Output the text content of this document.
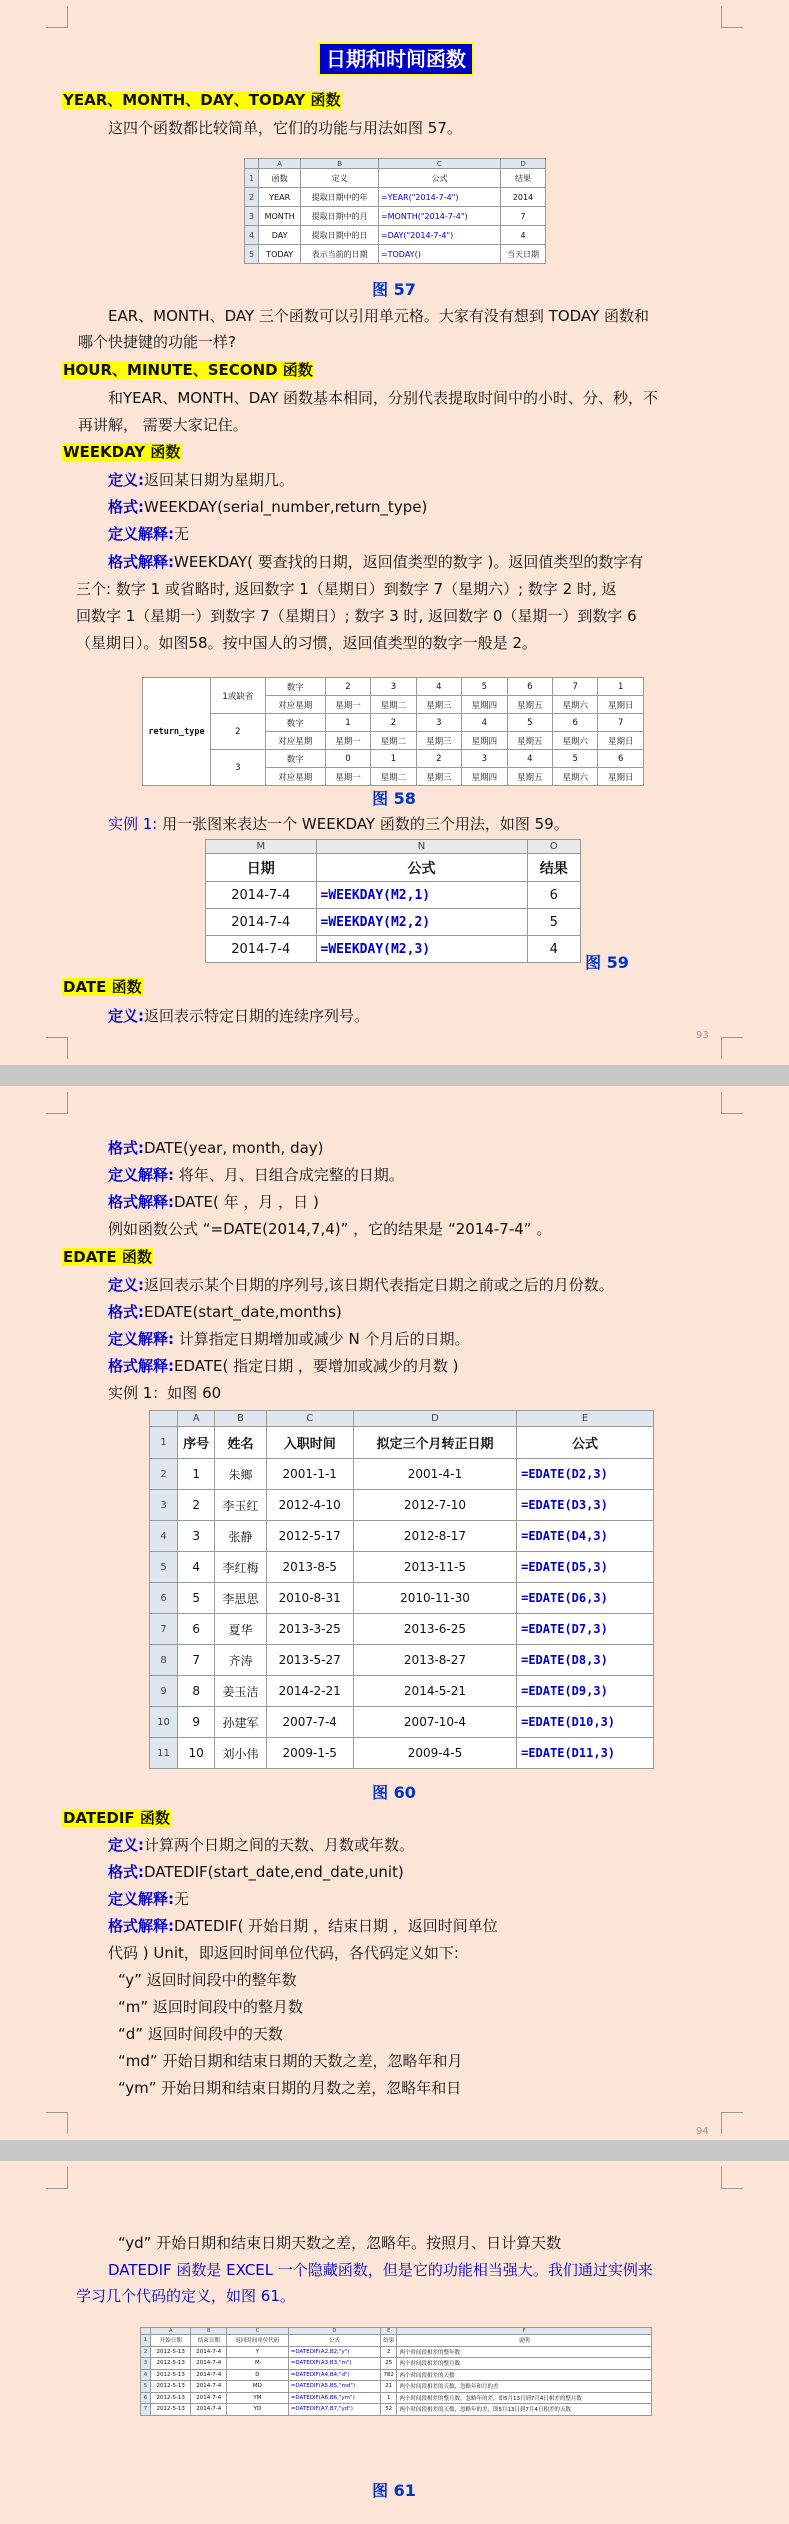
日期和时间函数
YEAR、MONTH、DAY、TODAY 函数
这四个函数都比较简单，它们的功能与用法如图 57。
	A	B	C	D
1	函数	定义	公式	结果
2	YEAR	提取日期中的年	=YEAR("2014-7-4")	2014
3	MONTH	提取日期中的月	=MONTH("2014-7-4")	7
4	DAY	提取日期中的日	=DAY("2014-7-4")	4
5	TODAY	表示当前的日期	=TODAY()	当天日期
图 57
EAR、MONTH、DAY 三个函数可以引用单元格。大家有没有想到 TODAY 函数和
哪个快捷键的功能一样?
HOUR、MINUTE、SECOND 函数
和YEAR、MONTH、DAY 函数基本相同，分别代表提取时间中的小时、分、秒，不
再讲解， 需要大家记住。
WEEKDAY 函数
定义:返回某日期为星期几。
格式:WEEKDAY(serial_number,return_type)
定义解释:无
格式解释:WEEKDAY( 要查找的日期，返回值类型的数字 )。返回值类型的数字有
三个: 数字 1 或省略时, 返回数字 1（星期日）到数字 7（星期六）; 数字 2 时, 返
回数字 1（星期一）到数字 7（星期日）; 数字 3 时, 返回数字 0（星期一）到数字 6
（星期日）。如图58。按中国人的习惯，返回值类型的数字一般是 2。
return_type	1或缺省	数字	2	3	4	5	6	7	1
		对应星期	星期一	星期二	星期三	星期四	星期五	星期六	星期日
	2	数字	1	2	3	4	5	6	7
		对应星期	星期一	星期二	星期三	星期四	星期五	星期六	星期日
	3	数字	0	1	2	3	4	5	6
		对应星期	星期一	星期二	星期三	星期四	星期五	星期六	星期日
图 58
实例 1: 用一张图来表达一个 WEEKDAY 函数的三个用法，如图 59。
M	N	O
日期	公式	结果
2014-7-4	=WEEKDAY(M2,1)	6
2014-7-4	=WEEKDAY(M2,2)	5
2014-7-4	=WEEKDAY(M2,3)	4
图 59
DATE 函数
定义:返回表示特定日期的连续序列号。
93
格式:DATE(year, month, day)
定义解释: 将年、月、日组合成完整的日期。
格式解释:DATE( 年 ，月 ，日 )
例如函数公式 “=DATE(2014,7,4)” ，它的结果是 “2014-7-4” 。
EDATE 函数
定义:返回表示某个日期的序列号,该日期代表指定日期之前或之后的月份数。
格式:EDATE(start_date,months)
定义解释: 计算指定日期增加或减少 N 个月后的日期。
格式解释:EDATE( 指定日期 ，要增加或减少的月数 )
实例 1：如图 60
图 60
DATEDIF 函数
定义:计算两个日期之间的天数、月数或年数。
格式:DATEDIF(start_date,end_date,unit)
定义解释:无
格式解释:DATEDIF( 开始日期 ，结束日期 ，返回时间单位
代码 ) Unit，即返回时间单位代码，各代码定义如下:
“y” 返回时间段中的整年数
“m” 返回时间段中的整月数
“d” 返回时间段中的天数
“md” 开始日期和结束日期的天数之差，忽略年和月
“ym” 开始日期和结束日期的月数之差，忽略年和日
94
	A	B	C	D	E
1	序号	姓名	入职时间	拟定三个月转正日期	公式
2	1	朱鄉	2001-1-1	2001-4-1	=EDATE(D2,3)
3	2	李玉红	2012-4-10	2012-7-10	=EDATE(D3,3)
4	3	张静	2012-5-17	2012-8-17	=EDATE(D4,3)
5	4	李红梅	2013-8-5	2013-11-5	=EDATE(D5,3)
6	5	李思思	2010-8-31	2010-11-30	=EDATE(D6,3)
7	6	夏华	2013-3-25	2013-6-25	=EDATE(D7,3)
8	7	齐涛	2013-5-27	2013-8-27	=EDATE(D8,3)
9	8	姜玉洁	2014-2-21	2014-5-21	=EDATE(D9,3)
10	9	孙建军	2007-7-4	2007-10-4	=EDATE(D10,3)
11	10	刘小伟	2009-1-5	2009-4-5	=EDATE(D11,3)
“yd” 开始日期和结束日期天数之差，忽略年。按照月、日计算天数
DATEDIF 函数是 EXCEL 一个隐藏函数，但是它的功能相当强大。我们通过实例来
学习几个代码的定义，如图 61。
图 61
	A	B	C	D	E	F
1	开始日期	结束日期	返回时间单位代码	公式	结果	说明
2	2012-5-13	2014-7-4	Y	=DATEDIF(A2,B2,"y")	2	两个时间段相差的整年数
3	2012-5-13	2014-7-4	M	=DATEDIF(A3,B3,"m")	25	两个时间段相差的整月数
4	2012-5-13	2014-7-4	D	=DATEDIF(A4,B4,"d")	782	两个时间段相差的天数
5	2012-5-13	2014-7-4	MD	=DATEDIF(A5,B5,"md")	21	两个时间段相差的天数，忽略年和月的差
6	2012-5-13	2014-7-4	YM	=DATEDIF(A6,B6,"ym")	1	两个时间段相差的整月数，忽略年的差，即5月13日到7月4日相差的整月数
7	2012-5-13	2014-7-4	YD	=DATEDIF(A7,B7,"yd")	52	两个时间段相差的天数，忽略年的差，即5月13日到7月4日相差的天数
